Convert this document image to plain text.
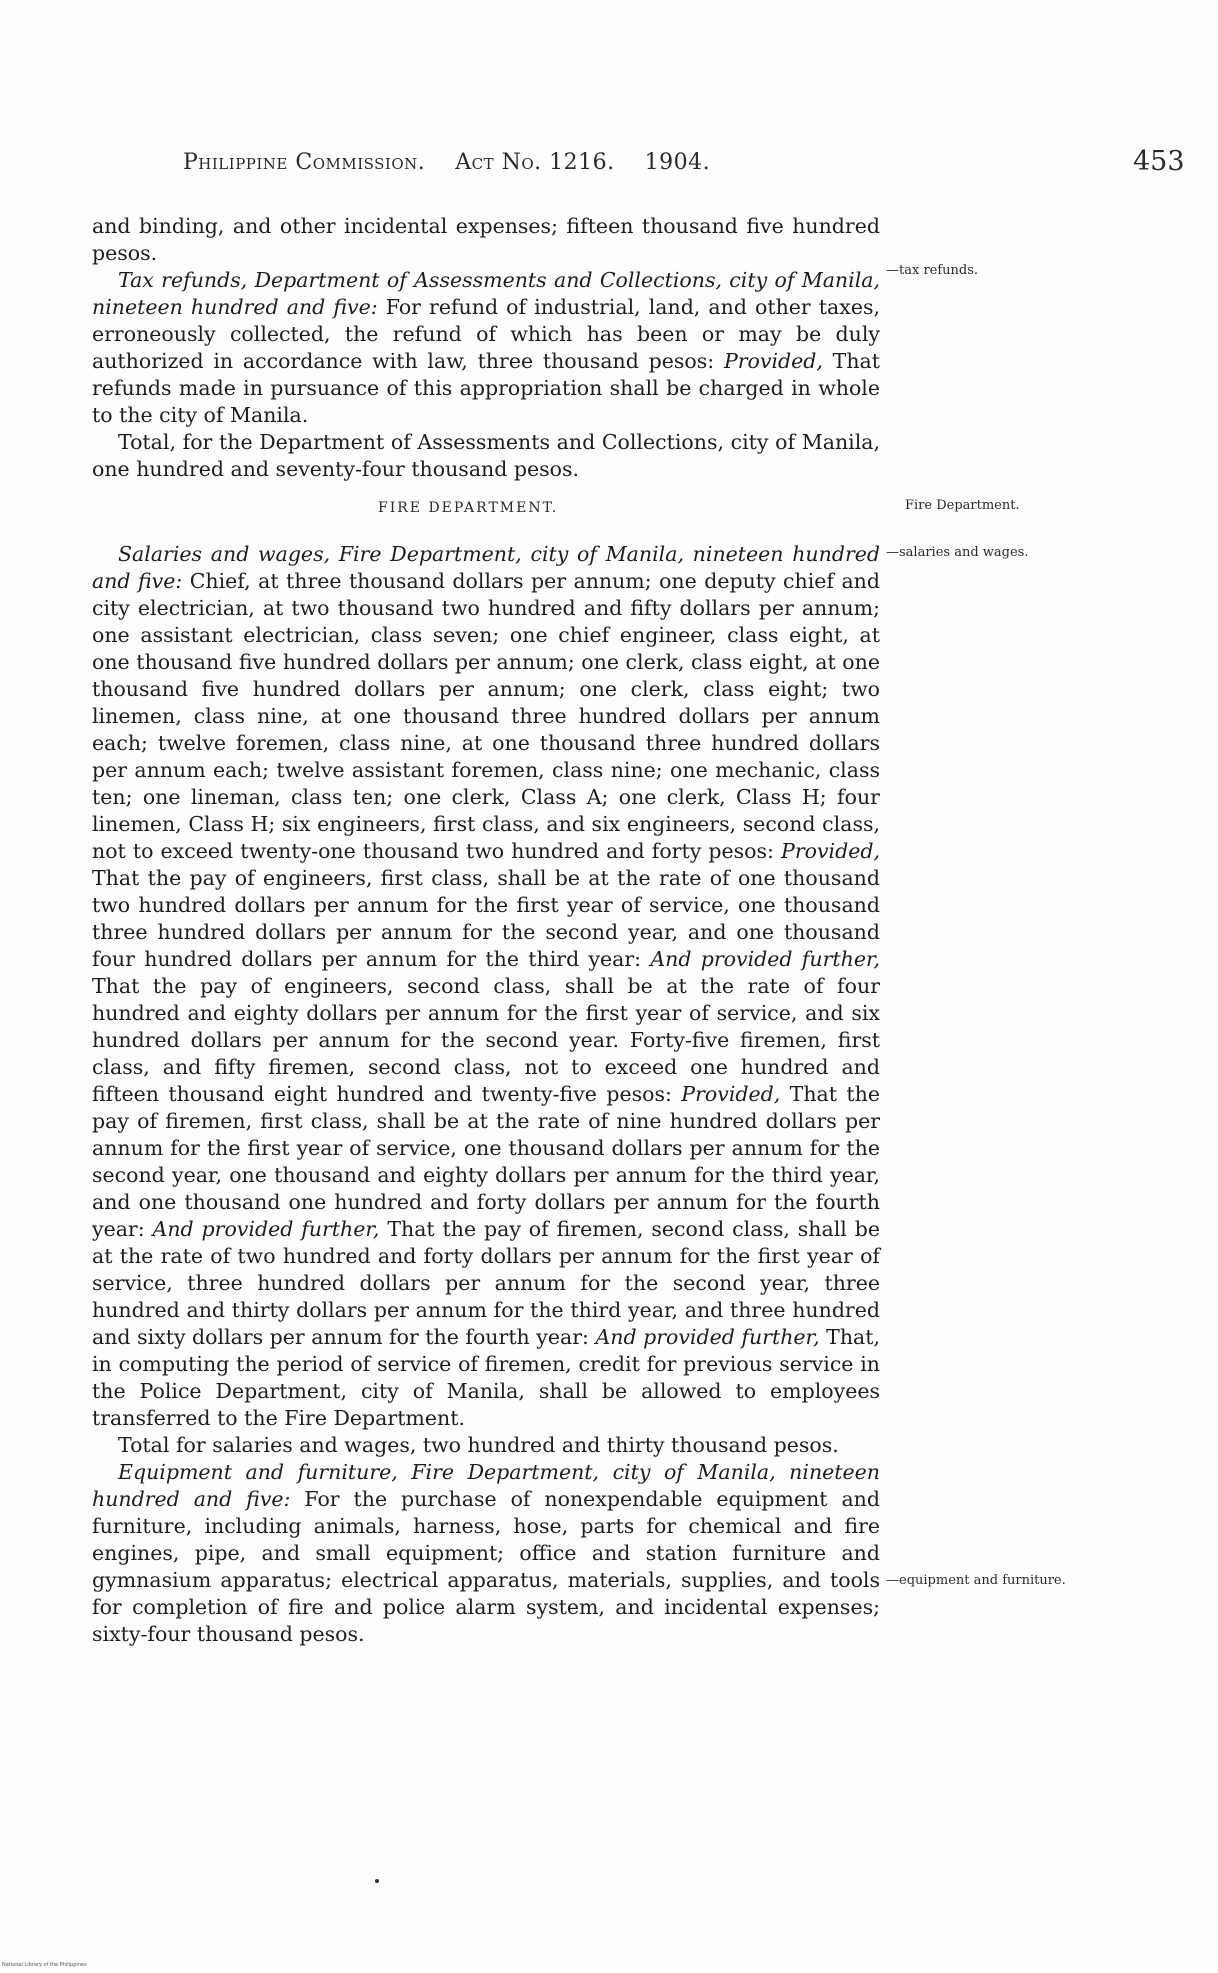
Philippine Commission. Act No. 1216. 1904.	453

and binding, and other incidental expenses; fifteen thousand five hundred pesos.

Tax refunds, Department of Assessments and Collections, city of Manila, nineteen hundred and five: For refund of industrial, land, and other taxes, erroneously collected, the refund of which has been or may be duly authorized in accordance with law, three thousand pesos: Provided, That refunds made in pursuance of this appropriation shall be charged in whole to the city of Manila.

Total, for the Department of Assessments and Collections, city of Manila, one hundred and seventy-four thousand pesos.

FIRE DEPARTMENT.

Salaries and wages, Fire Department, city of Manila, nineteen hundred and five: Chief, at three thousand dollars per annum; one deputy chief and city electrician, at two thousand two hundred and fifty dollars per annum; one assistant electrician, class seven; one chief engineer, class eight, at one thousand five hundred dollars per annum; one clerk, class eight, at one thousand five hundred dollars per annum; one clerk, class eight; two linemen, class nine, at one thousand three hundred dollars per annum each; twelve foremen, class nine, at one thousand three hundred dollars per annum each; twelve assistant foremen, class nine; one mechanic, class ten; one lineman, class ten; one clerk, Class A; one clerk, Class H; four linemen, Class H; six engineers, first class, and six engineers, second class, not to exceed twenty-one thousand two hundred and forty pesos: Provided, That the pay of engineers, first class, shall be at the rate of one thousand two hundred dollars per annum for the first year of service, one thousand three hundred dollars per annum for the second year, and one thousand four hundred dollars per annum for the third year: And provided further, That the pay of engineers, second class, shall be at the rate of four hundred and eighty dollars per annum for the first year of service, and six hundred dollars per annum for the second year. Forty-five firemen, first class, and fifty firemen, second class, not to exceed one hundred and fifteen thousand eight hundred and twenty-five pesos: Provided, That the pay of firemen, first class, shall be at the rate of nine hundred dollars per annum for the first year of service, one thousand dollars per annum for the second year, one thousand and eighty dollars per annum for the third year, and one thousand one hundred and forty dollars per annum for the fourth year: And provided further, That the pay of firemen, second class, shall be at the rate of two hundred and forty dollars per annum for the first year of service, three hundred dollars per annum for the second year, three hundred and thirty dollars per annum for the third year, and three hundred and sixty dollars per annum for the fourth year: And provided further, That, in computing the period of service of firemen, credit for previous service in the Police Department, city of Manila, shall be allowed to employees transferred to the Fire Department.

Total for salaries and wages, two hundred and thirty thousand pesos.

Equipment and furniture, Fire Department, city of Manila, nineteen hundred and five: For the purchase of nonexpendable equipment and furniture, including animals, harness, hose, parts for chemical and fire engines, pipe, and small equipment; office and station furniture and gymnasium apparatus; electrical apparatus, materials, supplies, and tools for completion of fire and police alarm system, and incidental expenses; sixty-four thousand pesos.

—tax refunds.
Fire Department.
—salaries and wages.
—equipment and furniture.
National Library of the Philippines
